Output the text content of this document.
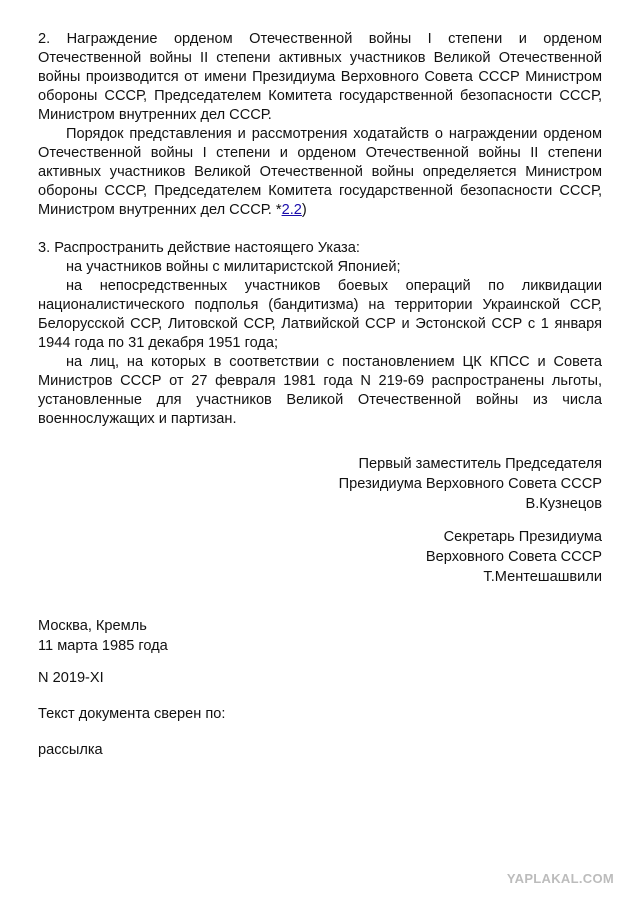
2. Награждение орденом Отечественной войны I степени и орденом Отечественной войны II степени активных участников Великой Отечественной войны производится от имени Президиума Верховного Совета СССР Министром обороны СССР, Председателем Комитета государственной безопасности СССР, Министром внутренних дел СССР.

Порядок представления и рассмотрения ходатайств о награждении орденом Отечественной войны I степени и орденом Отечественной войны II степени активных участников Великой Отечественной войны определяется Министром обороны СССР, Председателем Комитета государственной безопасности СССР, Министром внутренних дел СССР. *2.2)

3. Распространить действие настоящего Указа:

на участников войны с милитаристской Японией;

на непосредственных участников боевых операций по ликвидации националистического подполья (бандитизма) на территории Украинской ССР, Белорусской ССР, Литовской ССР, Латвийской ССР и Эстонской ССР с 1 января 1944 года по 31 декабря 1951 года;

на лиц, на которых в соответствии с постановлением ЦК КПСС и Совета Министров СССР от 27 февраля 1981 года N 219-69 распространены льготы, установленные для участников Великой Отечественной войны из числа военнослужащих и партизан.

Первый заместитель Председателя
Президиума Верховного Совета СССР
В.Кузнецов
Секретарь Президиума
Верховного Совета СССР
Т.Ментешашвили
Москва, Кремль
11 марта 1985 года
N 2019-XI
Текст документа сверен по:
рассылка
YAPLAKAL.COM
